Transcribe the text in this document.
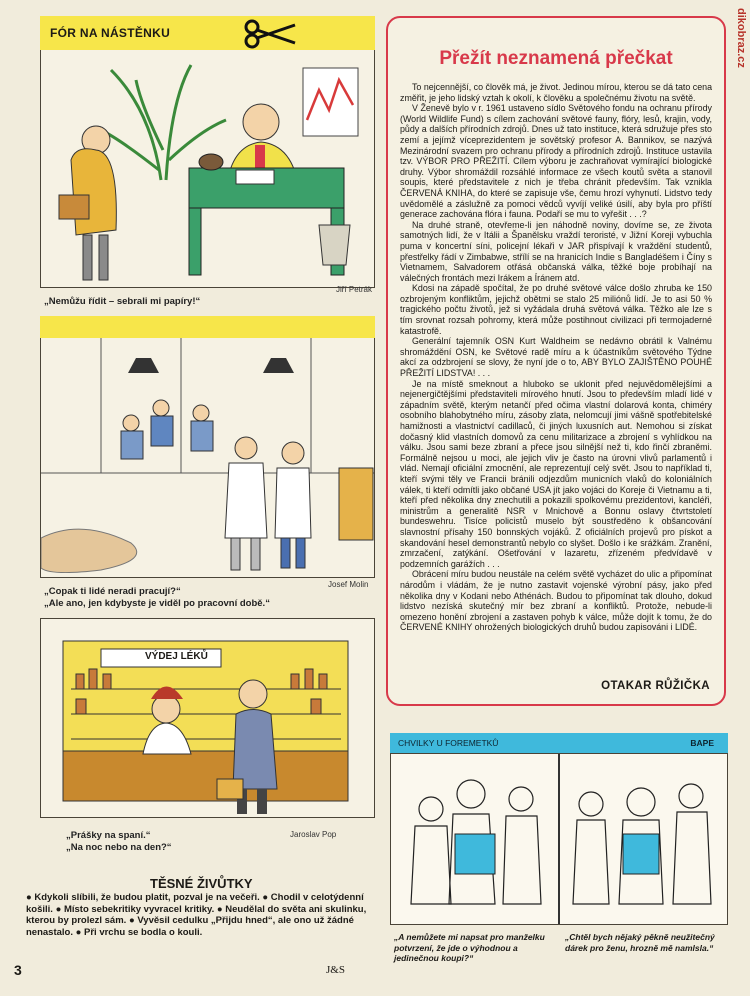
dikobraz.cz
FÓR NA NÁSTĚNKU
Jiří Petrák
„Nemůžu řídit – sebrali mi papíry!“
Josef Molin
„Copak ti lidé neradi pracují?“
„Ale ano, jen kdybyste je viděl po pracovní době.“
VÝDEJ LÉKŮ
Jaroslav Pop
„Prášky na spaní.“
„Na noc nebo na den?“
Přežít neznamená přečkat

To nejcennější, co člověk má, je život. Jedinou mírou, kterou se dá tato cena změřit, je jeho lidský vztah k okolí, k člověku a společnému životu na světě.

V Ženevě bylo v r. 1961 ustaveno sídlo Světového fondu na ochranu přírody (World Wildlife Fund) s cílem zachování světové fauny, flóry, lesů, krajin, vody, půdy a dalších přírodních zdrojů. Dnes už tato instituce, která sdružuje přes sto zemí a jejímž víceprezidentem je sovětský profesor A. Bannikov, se nazývá Mezinárodní svazem pro ochranu přírody a přírodních zdrojů. Instituce ustavila tzv. VÝBOR PRO PŘEŽITÍ. Cílem výboru je zachraňovat vymírající biologické druhy. Výbor shromáždil rozsáhlé informace ze všech koutů světa a stanovil soupis, které představitele z nich je třeba chránit především. Tak vznikla ČERVENÁ KNIHA, do které se zapisuje vše, čemu hrozí vyhynutí. Lidstvo tedy uvědomělé a záslužně za pomoci vědců vyvíjí veliké úsilí, aby byla pro příští generace zachována flóra i fauna. Podaří se mu to vyřešit . . .?

Na druhé straně, otevřeme-li jen náhodně noviny, dovíme se, ze života samotných lidí, že v Itálii a Španělsku vraždí teroristé, v Jižní Koreji vybuchla puma v koncertní síni, policejní lékaři v JAR přispívají k vraždění studentů, přestřelky řádí v Zimbabwe, střílí se na hranicích Indie s Bangladéšem i Číny s Vietnamem, Salvadorem otřásá občanská válka, těžké boje probíhají na válečných frontách mezi Irákem a Íránem atd.

Kdosi na západě spočítal, že po druhé světové válce došlo zhruba ke 150 ozbrojeným konfliktům, jejichž obětmi se stalo 25 miliónů lidí. Je to asi 50 % tragického počtu životů, jež si vyžádala druhá světová válka. Těžko ale lze s tím srovnat rozsah pohromy, která může postihnout civilizaci při termojaderné katastrofě.

Generální tajemník OSN Kurt Waldheim se nedávno obrátil k Valnému shromáždění OSN, ke Světové radě míru a k účastníkům světového Týdne akcí za odzbrojení se slovy, že nyní jde o to, ABY BYLO ZAJIŠTĚNO POUHÉ PŘEŽITÍ LIDSTVA! . . .

Je na místě smeknout a hluboko se uklonit před nejuvědomělejšími a nejenergičtějšími představiteli mírového hnutí. Jsou to především mladí lidé v západním světě, kterým netančí před očima vlastní dolarová konta, chiméry osobního blahobytného míru, zásoby zlata, nelomcují jimi vášně spotřebitelské hamižnosti a vlastnictví cadillaců, či jiných luxusních aut. Nemohou si získat dočasný klid vlastních domovů za cenu militarizace a zbrojení s vyhlídkou na válku. Jsou sami beze zbraní a přece jsou silnější než ti, kdo řinčí zbraněmi. Formálně nejsou u moci, ale jejich vliv je často na úrovni vlivů parlamentů i vlád. Nemají oficiální zmocnění, ale reprezentují celý svět. Jsou to například ti, kteří svými těly ve Francii bránili odjezdům municních vlaků do koloniálních válek, ti kteří odmítli jako občané USA jít jako vojáci do Koreje či Vietnamu a ti, kteří před několika dny znechutili a pokazili spolkovému prezidentovi, kancléři, ministrům a generalitě NSR v Mnichově a Bonnu oslavy čtvrtstoletí bundeswehru. Tisíce policistů muselo být soustředěno k obšancování slavnostní přísahy 150 bonnských vojáků. Z oficiálních projevů pro pískot a skandování hesel demonstrantů nebylo co slyšet. Došlo i ke srážkám. Zranění, zmrzačení, zatýkání. Ošetřování v lazaretu, zřízeném předvídavě v podzemních garážích . . .

Obrácení míru budou neustále na celém světě vycházet do ulic a připomínat národům i vládám, že je nutno zastavit vojenské výrobní pásy, jako před několika dny v Kodani nebo Athénách. Budou to připomínat tak dlouho, dokud lidstvo nezíská skutečný mír bez zbraní a konfliktů. Protože, nebude-li omezeno honění zbrojení a zastaven pohyb k válce, může dojít k tomu, že do ČERVENÉ KNIHY ohrožených biologických druhů budou zapisováni i LIDÉ.

OTAKAR RŮŽIČKA
CHVILKY U FOREMETKŮ	BAPE
„A nemůžete mi napsat pro manželku potvrzení, že jde o výhodnou a jedinečnou koupi?“
„Chtěl bych nějaký pěkně neužitečný dárek pro ženu, hrozně mě namlsla.“
TĚSNÉ ŽIVŮTKY
● Kdykoli slíbili, že budou platit, pozval je na večeři. ● Chodil v celotýdenní košili. ● Místo sebekritiky vyvracel kritiky. ● Neudělal do světa ani skulinku, kterou by prolezl sám. ● Vyvěsil cedulku „Přijdu hned“, ale ono už žádné nenastalo. ● Při vrchu se bodla o kouli.
3	J&S
